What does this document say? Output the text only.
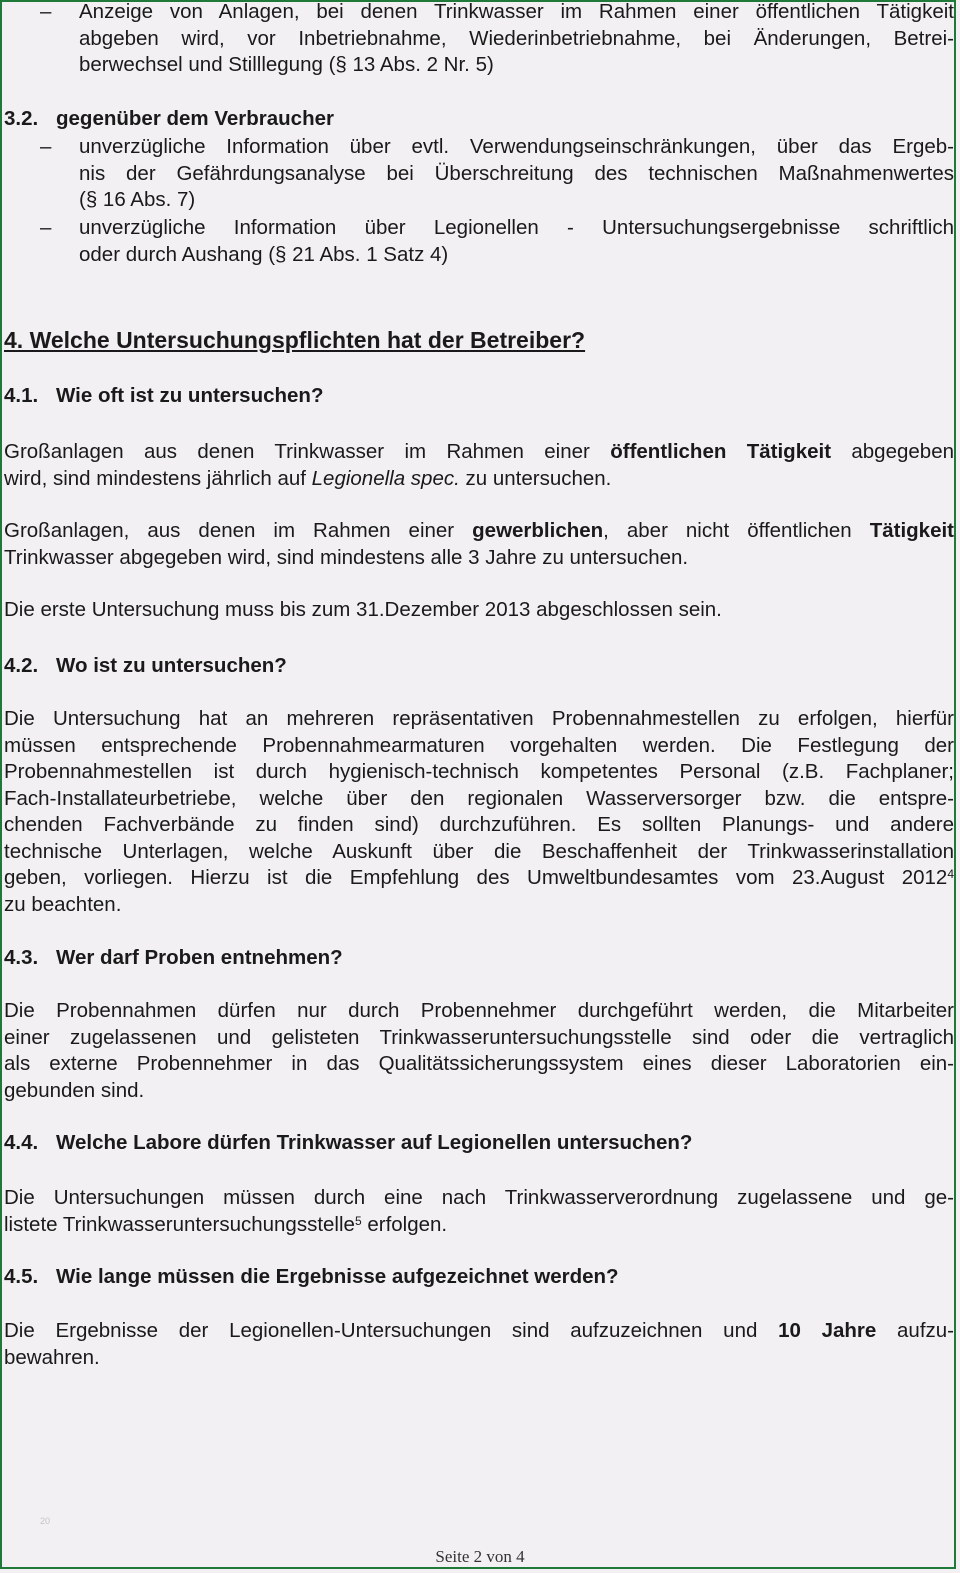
– Anzeige von Anlagen, bei denen Trinkwasser im Rahmen einer öffentlichen Tätigkeit
abgeben wird, vor Inbetriebnahme, Wiederinbetriebnahme, bei Änderungen, Betrei-
berwechsel und Stilllegung (§ 13 Abs. 2 Nr. 5)
3.2. gegenüber dem Verbraucher
– unverzügliche Information über evtl. Verwendungseinschränkungen, über das Ergeb-
nis der Gefährdungsanalyse bei Überschreitung des technischen Maßnahmenwertes
(§ 16 Abs. 7)
– unverzügliche Information über Legionellen - Untersuchungsergebnisse schriftlich
oder durch Aushang (§ 21 Abs. 1 Satz 4)
4. Welche Untersuchungspflichten hat der Betreiber?
4.1. Wie oft ist zu untersuchen?
Großanlagen aus denen Trinkwasser im Rahmen einer öffentlichen Tätigkeit abgegeben
wird, sind mindestens jährlich auf Legionella spec. zu untersuchen.
Großanlagen, aus denen im Rahmen einer gewerblichen, aber nicht öffentlichen Tätigkeit
Trinkwasser abgegeben wird, sind mindestens alle 3 Jahre zu untersuchen.
Die erste Untersuchung muss bis zum 31.Dezember 2013 abgeschlossen sein.
4.2. Wo ist zu untersuchen?
Die Untersuchung hat an mehreren repräsentativen Probennahmestellen zu erfolgen, hierfür
müssen entsprechende Probennahmearmaturen vorgehalten werden. Die Festlegung der
Probennahmestellen ist durch hygienisch-technisch kompetentes Personal (z.B. Fachplaner;
Fach-Installateurbetriebe, welche über den regionalen Wasserversorger bzw. die entspre-
chenden Fachverbände zu finden sind) durchzuführen. Es sollten Planungs- und andere
technische Unterlagen, welche Auskunft über die Beschaffenheit der Trinkwasserinstallation
geben, vorliegen. Hierzu ist die Empfehlung des Umweltbundesamtes vom 23.August 2012$^4$
zu beachten.
4.3. Wer darf Proben entnehmen?
Die Probennahmen dürfen nur durch Probennehmer durchgeführt werden, die Mitarbeiter
einer zugelassenen und gelisteten Trinkwasseruntersuchungsstelle sind oder die vertraglich
als externe Probennehmer in das Qualitätssicherungssystem eines dieser Laboratorien ein-
gebunden sind.
4.4. Welche Labore dürfen Trinkwasser auf Legionellen untersuchen?
Die Untersuchungen müssen durch eine nach Trinkwasserverordnung zugelassene und ge-
listete Trinkwasseruntersuchungsstelle$^5$ erfolgen.
4.5. Wie lange müssen die Ergebnisse aufgezeichnet werden?
Die Ergebnisse der Legionellen-Untersuchungen sind aufzuzeichnen und 10 Jahre aufzu-
bewahren.
20
Seite 2 von 4
